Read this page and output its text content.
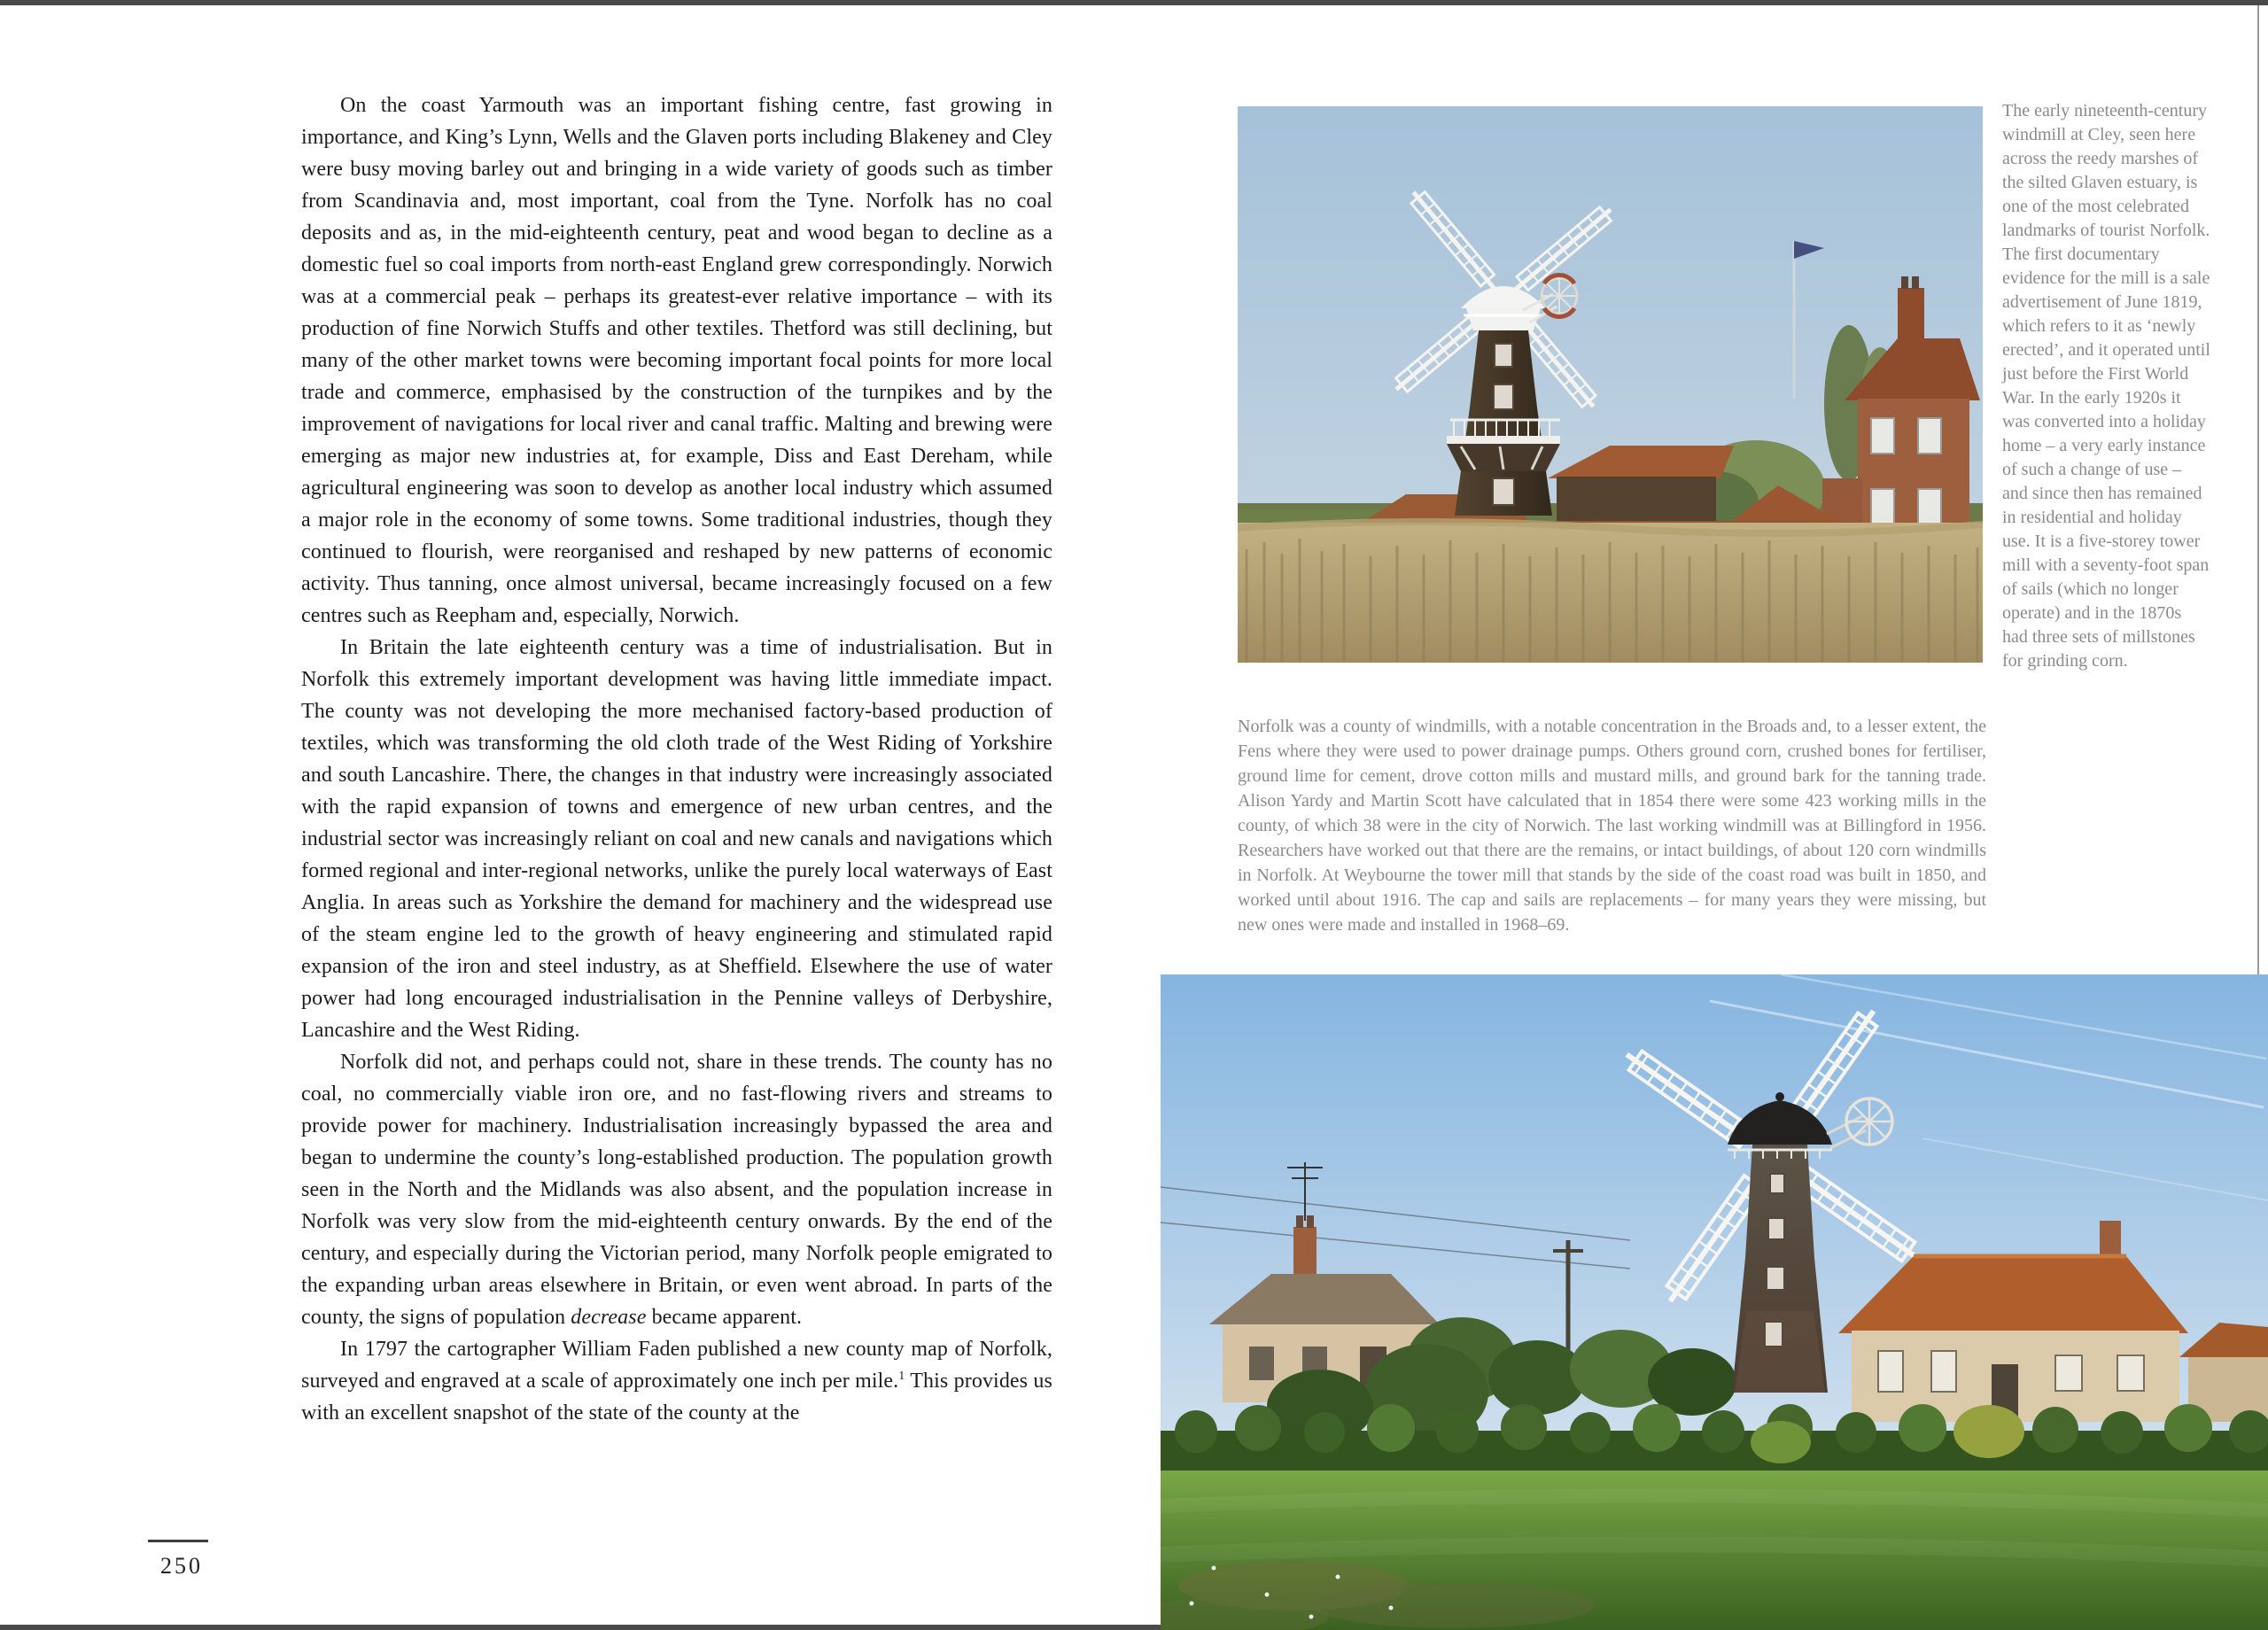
On the coast Yarmouth was an important fishing centre, fast growing in importance, and King’s Lynn, Wells and the Glaven ports including Blakeney and Cley were busy moving barley out and bringing in a wide variety of goods such as timber from Scandinavia and, most important, coal from the Tyne. Norfolk has no coal deposits and as, in the mid-eighteenth century, peat and wood began to decline as a domestic fuel so coal imports from north-east England grew correspondingly. Norwich was at a commercial peak – perhaps its greatest-ever relative importance – with its production of fine Norwich Stuffs and other textiles. Thetford was still declining, but many of the other market towns were becoming important focal points for more local trade and commerce, emphasised by the construction of the turnpikes and by the improvement of navigations for local river and canal traffic. Malting and brewing were emerging as major new industries at, for example, Diss and East Dereham, while agricultural engineering was soon to develop as another local industry which assumed a major role in the economy of some towns. Some traditional industries, though they continued to flourish, were reorganised and reshaped by new patterns of economic activity. Thus tanning, once almost universal, became increasingly focused on a few centres such as Reepham and, especially, Norwich.

In Britain the late eighteenth century was a time of industrialisation. But in Norfolk this extremely important development was having little immediate impact. The county was not developing the more mechanised factory-based production of textiles, which was transforming the old cloth trade of the West Riding of Yorkshire and south Lancashire. There, the changes in that industry were increasingly associated with the rapid expansion of towns and emergence of new urban centres, and the industrial sector was increasingly reliant on coal and new canals and navigations which formed regional and inter-regional networks, unlike the purely local waterways of East Anglia. In areas such as Yorkshire the demand for machinery and the widespread use of the steam engine led to the growth of heavy engineering and stimulated rapid expansion of the iron and steel industry, as at Sheffield. Elsewhere the use of water power had long encouraged industrialisation in the Pennine valleys of Derbyshire, Lancashire and the West Riding.

Norfolk did not, and perhaps could not, share in these trends. The county has no coal, no commercially viable iron ore, and no fast-flowing rivers and streams to provide power for machinery. Industrialisation increasingly bypassed the area and began to undermine the county’s long-established production. The population growth seen in the North and the Midlands was also absent, and the population increase in Norfolk was very slow from the mid-eighteenth century onwards. By the end of the century, and especially during the Victorian period, many Norfolk people emigrated to the expanding urban areas elsewhere in Britain, or even went abroad. In parts of the county, the signs of population decrease became apparent.

In 1797 the cartographer William Faden published a new county map of Norfolk, surveyed and engraved at a scale of approximately one inch per mile.$^1$ This provides us with an excellent snapshot of the state of the county at the

250
Norfolk was a county of windmills, with a notable concentration in the Broads and, to a lesser extent, the Fens where they were used to power drainage pumps. Others ground corn, crushed bones for fertiliser, ground lime for cement, drove cotton mills and mustard mills, and ground bark for the tanning trade. Alison Yardy and Martin Scott have calculated that in 1854 there were some 423 working mills in the county, of which 38 were in the city of Norwich. The last working windmill was at Billingford in 1956. Researchers have worked out that there are the remains, or intact buildings, of about 120 corn windmills in Norfolk. At Weybourne the tower mill that stands by the side of the coast road was built in 1850, and worked until about 1916. The cap and sails are replacements – for many years they were missing, but new ones were made and installed in 1968–69.
The early nineteenth-century windmill at Cley, seen here across the reedy marshes of the silted Glaven estuary, is one of the most celebrated landmarks of tourist Norfolk. The first documentary evidence for the mill is a sale advertisement of June 1819, which refers to it as ‘newly erected’, and it operated until just before the First World War. In the early 1920s it was converted into a holiday home – a very early instance of such a change of use – and since then has remained in residential and holiday use. It is a five-storey tower mill with a seventy-foot span of sails (which no longer operate) and in the 1870s had three sets of millstones for grinding corn.
